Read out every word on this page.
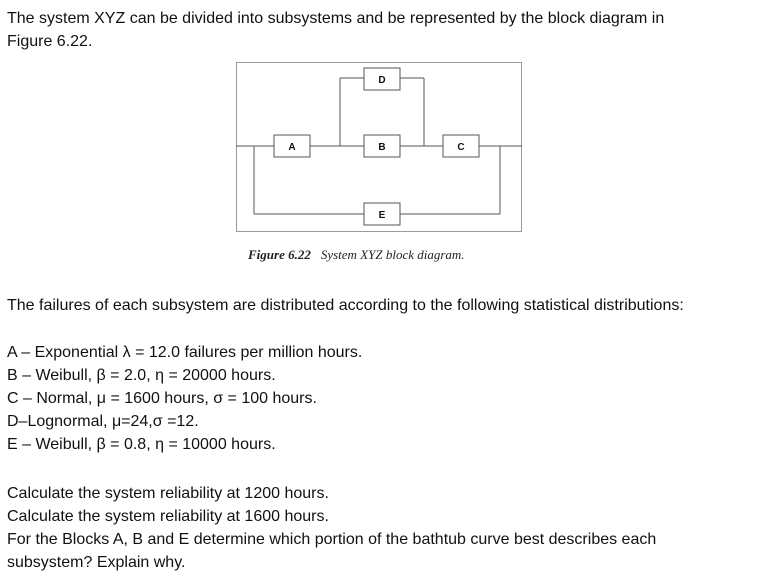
The system XYZ can be divided into subsystems and be represented by the block diagram in
Figure 6.22.

D
A	B	C
E
Figure 6.22 System XYZ block diagram.

The failures of each subsystem are distributed according to the following statistical distributions:

A – Exponential λ = 12.0 failures per million hours.
B – Weibull, β = 2.0, η = 20000 hours.
C – Normal, μ = 1600 hours, σ = 100 hours.
D–Lognormal, μ=24,σ =12.
E – Weibull, β = 0.8, η = 10000 hours.

Calculate the system reliability at 1200 hours.
Calculate the system reliability at 1600 hours.
For the Blocks A, B and E determine which portion of the bathtub curve best describes each
subsystem? Explain why.
